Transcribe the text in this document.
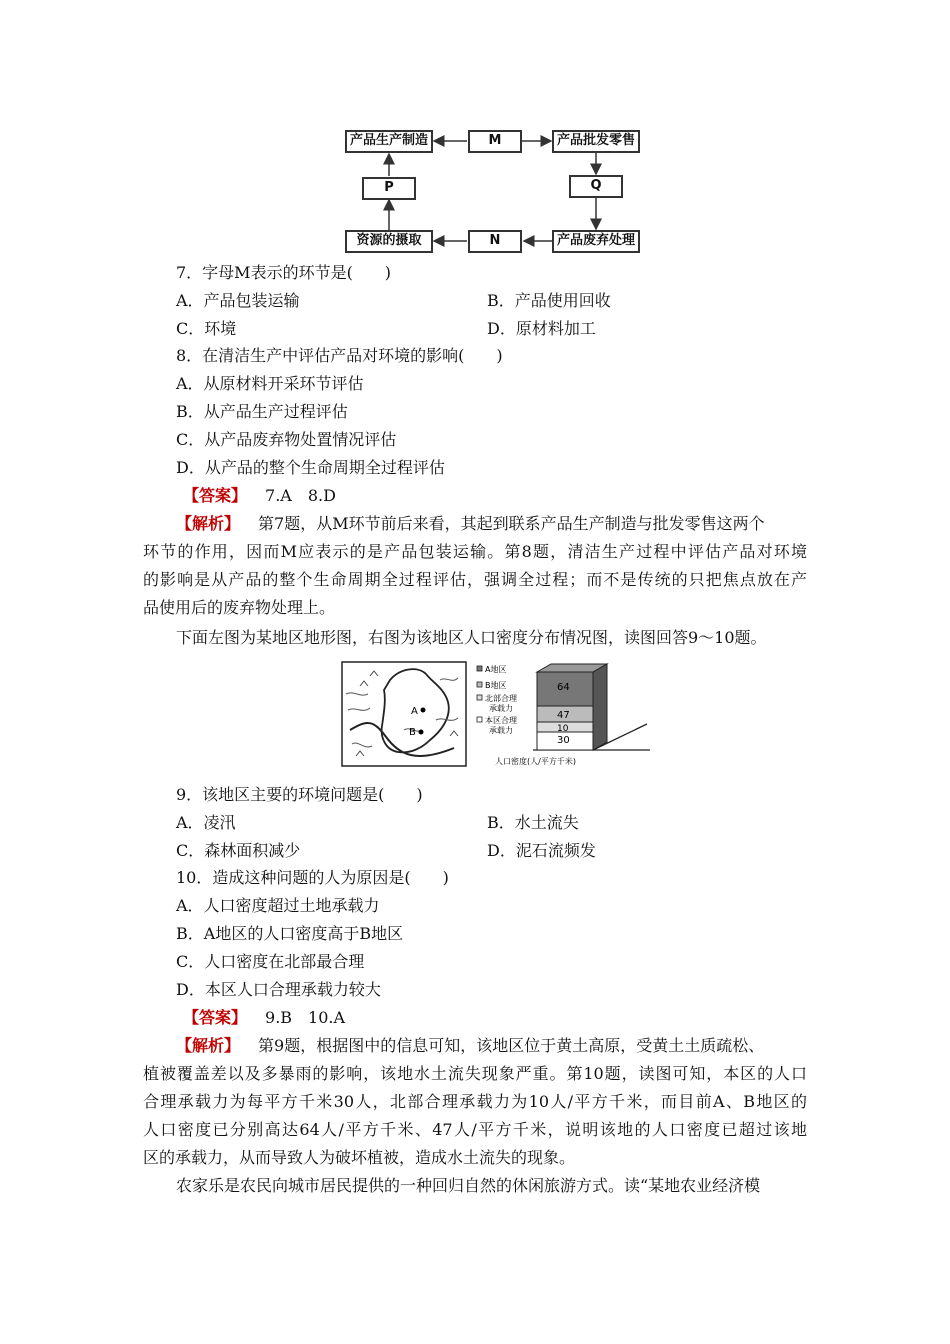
产品生产制造	M	产品批发零售
P	Q
资源的摄取	N	产品废弃处理
7．字母M表示的环节是(　　)
A．产品包装运输	B．产品使用回收
C．环境	D．原材料加工
8．在清洁生产中评估产品对环境的影响(　　)
A．从原材料开采环节评估
B．从产品生产过程评估
C．从产品废弃物处置情况评估
D．从产品的整个生命周期全过程评估
【答案】 7.A　8.D
【解析】 第7题，从M环节前后来看，其起到联系产品生产制造与批发零售这两个
环节的作用，因而M应表示的是产品包装运输。第8题，清洁生产过程中评估产品对环境
的影响是从产品的整个生命周期全过程评估，强调全过程；而不是传统的只把焦点放在产
品使用后的废弃物处理上。
下面左图为某地区地形图，右图为该地区人口密度分布情况图，读图回答9～10题。
A
B
64
47
10
30
A地区
B地区
北部合理
承载力
本区合理
承载力
人口密度(人/平方千米)
9．该地区主要的环境问题是(　　)
A．凌汛	B．水土流失
C．森林面积减少	D．泥石流频发
10．造成这种问题的人为原因是(　　)
A．人口密度超过土地承载力
B．A地区的人口密度高于B地区
C．人口密度在北部最合理
D．本区人口合理承载力较大
【答案】 9.B　10.A
【解析】 第9题，根据图中的信息可知，该地区位于黄土高原，受黄土土质疏松、
植被覆盖差以及多暴雨的影响，该地水土流失现象严重。第10题，读图可知，本区的人口
合理承载力为每平方千米30人，北部合理承载力为10人/平方千米，而目前A、B地区的
人口密度已分别高达64人/平方千米、47人/平方千米，说明该地的人口密度已超过该地
区的承载力，从而导致人为破坏植被，造成水土流失的现象。
农家乐是农民向城市居民提供的一种回归自然的休闲旅游方式。读“某地农业经济模
